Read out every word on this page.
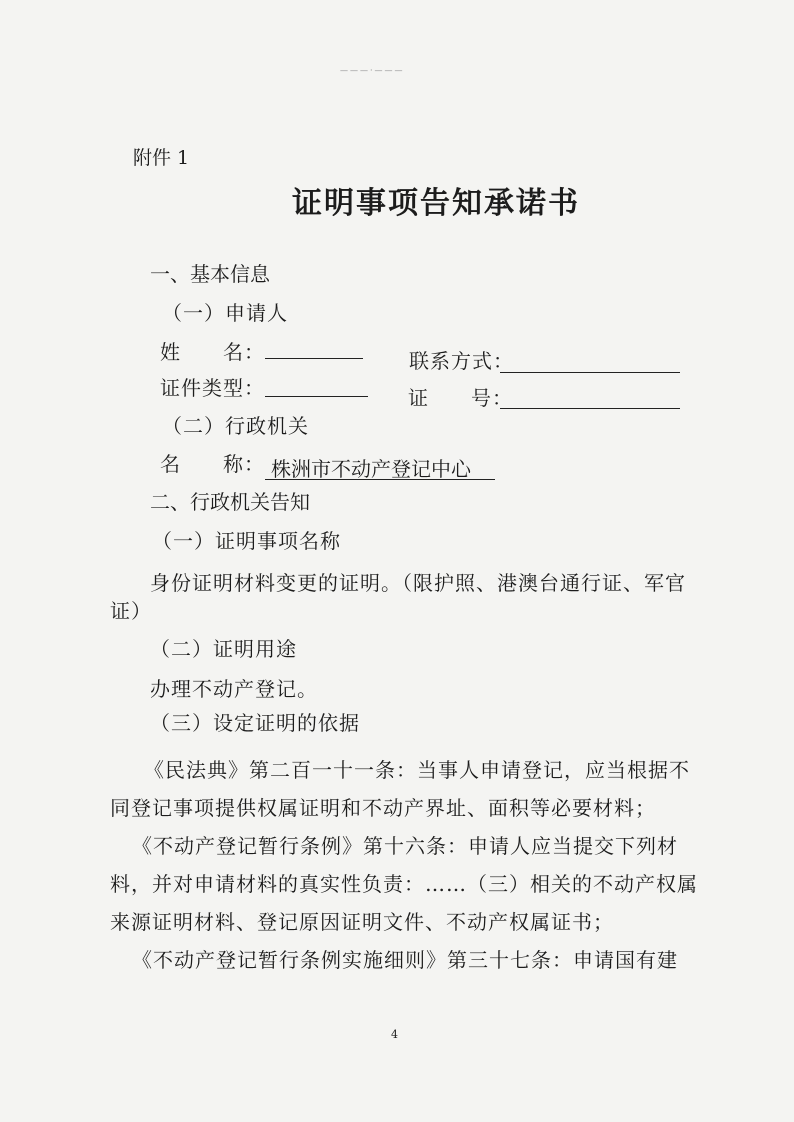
———·———
附件 1
证明事项告知承诺书
一、基本信息
（一）申请人
姓　　名：	联系方式：
证件类型：	证　　号：
（二）行政机关
名　　称： 株洲市不动产登记中心
二、行政机关告知
（一）证明事项名称
身份证明材料变更的证明。（限护照、港澳台通行证、军官
证）
（二）证明用途
办理不动产登记。
（三）设定证明的依据
《民法典》第二百一十一条：当事人申请登记，应当根据不
同登记事项提供权属证明和不动产界址、面积等必要材料；
《不动产登记暂行条例》第十六条：申请人应当提交下列材
料，并对申请材料的真实性负责：……（三）相关的不动产权属
来源证明材料、登记原因证明文件、不动产权属证书；
《不动产登记暂行条例实施细则》第三十七条：申请国有建
4
